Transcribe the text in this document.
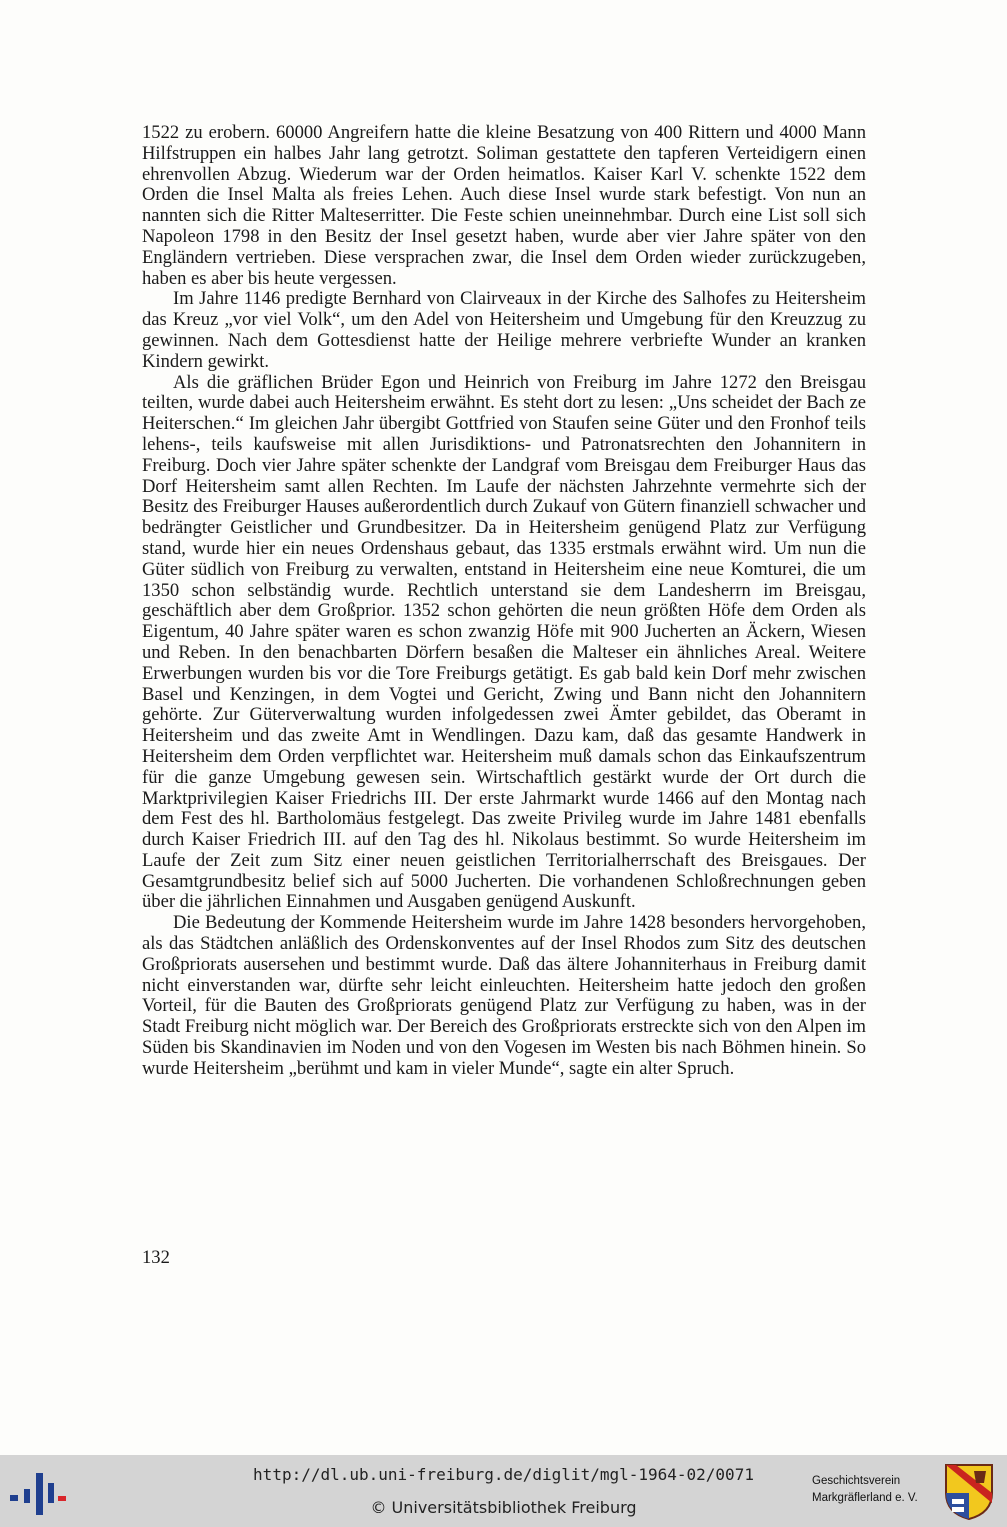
1522 zu erobern. 60000 Angreifern hatte die kleine Besatzung von 400 Rittern und 4000 Mann Hilfstruppen ein halbes Jahr lang getrotzt. Soliman gestattete den tapferen Verteidigern einen ehrenvollen Abzug. Wiederum war der Orden heimatlos. Kaiser Karl V. schenkte 1522 dem Orden die Insel Malta als freies Lehen. Auch diese Insel wurde stark befestigt. Von nun an nannten sich die Ritter Malteserritter. Die Feste schien uneinnehmbar. Durch eine List soll sich Napoleon 1798 in den Besitz der Insel gesetzt haben, wurde aber vier Jahre später von den Engländern vertrieben. Diese versprachen zwar, die Insel dem Orden wieder zurückzugeben, haben es aber bis heute vergessen.

Im Jahre 1146 predigte Bernhard von Clairveaux in der Kirche des Salhofes zu Heitersheim das Kreuz „vor viel Volk“, um den Adel von Heitersheim und Umgebung für den Kreuzzug zu gewinnen. Nach dem Gottesdienst hatte der Heilige mehrere verbriefte Wunder an kranken Kindern gewirkt.

Als die gräflichen Brüder Egon und Heinrich von Freiburg im Jahre 1272 den Breisgau teilten, wurde dabei auch Heitersheim erwähnt. Es steht dort zu lesen: „Uns scheidet der Bach ze Heiterschen.“ Im gleichen Jahr übergibt Gottfried von Staufen seine Güter und den Fronhof teils lehens-, teils kaufsweise mit allen Jurisdiktions- und Patronatsrechten den Johannitern in Freiburg. Doch vier Jahre später schenkte der Landgraf vom Breisgau dem Freiburger Haus das Dorf Heitersheim samt allen Rechten. Im Laufe der nächsten Jahrzehnte vermehrte sich der Besitz des Freiburger Hauses außerordentlich durch Zukauf von Gütern finanziell schwacher und bedrängter Geistlicher und Grundbesitzer. Da in Heitersheim genügend Platz zur Verfügung stand, wurde hier ein neues Ordenshaus gebaut, das 1335 erstmals erwähnt wird. Um nun die Güter südlich von Freiburg zu verwalten, entstand in Heitersheim eine neue Komturei, die um 1350 schon selbständig wurde. Rechtlich unterstand sie dem Landesherrn im Breisgau, geschäftlich aber dem Großprior. 1352 schon gehörten die neun größten Höfe dem Orden als Eigentum, 40 Jahre später waren es schon zwanzig Höfe mit 900 Jucherten an Äckern, Wiesen und Reben. In den benachbarten Dörfern besaßen die Malteser ein ähnliches Areal. Weitere Erwerbungen wurden bis vor die Tore Freiburgs getätigt. Es gab bald kein Dorf mehr zwischen Basel und Kenzingen, in dem Vogtei und Gericht, Zwing und Bann nicht den Johannitern gehörte. Zur Güterverwaltung wurden infolgedessen zwei Ämter gebildet, das Oberamt in Heitersheim und das zweite Amt in Wendlingen. Dazu kam, daß das gesamte Handwerk in Heitersheim dem Orden verpflichtet war. Heitersheim muß damals schon das Einkaufszentrum für die ganze Umgebung gewesen sein. Wirtschaftlich gestärkt wurde der Ort durch die Marktprivilegien Kaiser Friedrichs III. Der erste Jahrmarkt wurde 1466 auf den Montag nach dem Fest des hl. Bartholomäus festgelegt. Das zweite Privileg wurde im Jahre 1481 ebenfalls durch Kaiser Friedrich III. auf den Tag des hl. Nikolaus bestimmt. So wurde Heitersheim im Laufe der Zeit zum Sitz einer neuen geistlichen Territorialherrschaft des Breisgaues. Der Gesamtgrundbesitz belief sich auf 5000 Jucherten. Die vorhandenen Schloßrechnungen geben über die jährlichen Einnahmen und Ausgaben genügend Auskunft.

Die Bedeutung der Kommende Heitersheim wurde im Jahre 1428 besonders hervorgehoben, als das Städtchen anläßlich des Ordenskonventes auf der Insel Rhodos zum Sitz des deutschen Großpriorats ausersehen und bestimmt wurde. Daß das ältere Johanniterhaus in Freiburg damit nicht einverstanden war, dürfte sehr leicht einleuchten. Heitersheim hatte jedoch den großen Vorteil, für die Bauten des Großpriorats genügend Platz zur Verfügung zu haben, was in der Stadt Freiburg nicht möglich war. Der Bereich des Großpriorats erstreckte sich von den Alpen im Süden bis Skandinavien im Noden und von den Vogesen im Westen bis nach Böhmen hinein. So wurde Heitersheim „berühmt und kam in vieler Munde“, sagte ein alter Spruch.

132
http://dl.ub.uni-freiburg.de/diglit/mgl-1964-02/0071
© Universitätsbibliothek Freiburg
Geschichtsverein
Markgräflerland e. V.
